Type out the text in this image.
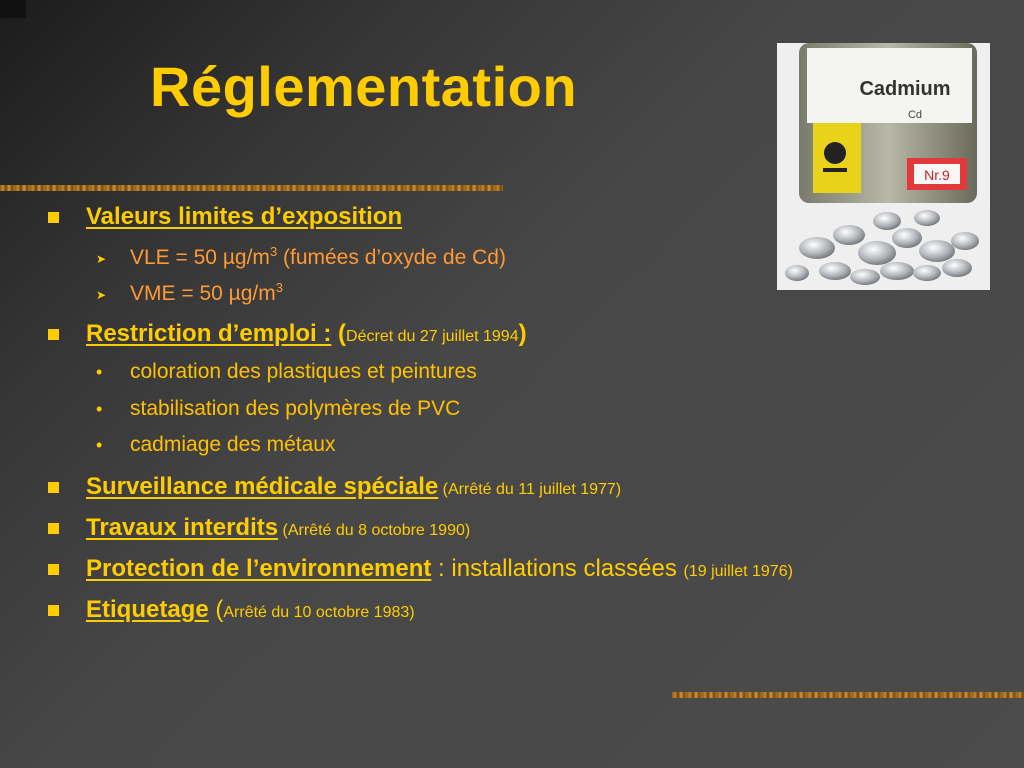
Réglementation	Cadmium
Cd
Nr.9
Valeurs limites d’exposition
➤ VLE = 50 $\mu g/m^3$ (fumées d’oxyde de Cd)
➤ VME = 50 $\mu g/m^3$
Restriction d’emploi : (Décret du 27 juillet 1994)
• coloration des plastiques et peintures
• stabilisation des polymères de PVC
• cadmiage des métaux
Surveillance médicale spéciale (Arrêté du 11 juillet 1977)
Travaux interdits (Arrêté du 8 octobre 1990)
Protection de l’environnement : installations classées (19 juillet 1976)
Etiquetage (Arrêté du 10 octobre 1983)
